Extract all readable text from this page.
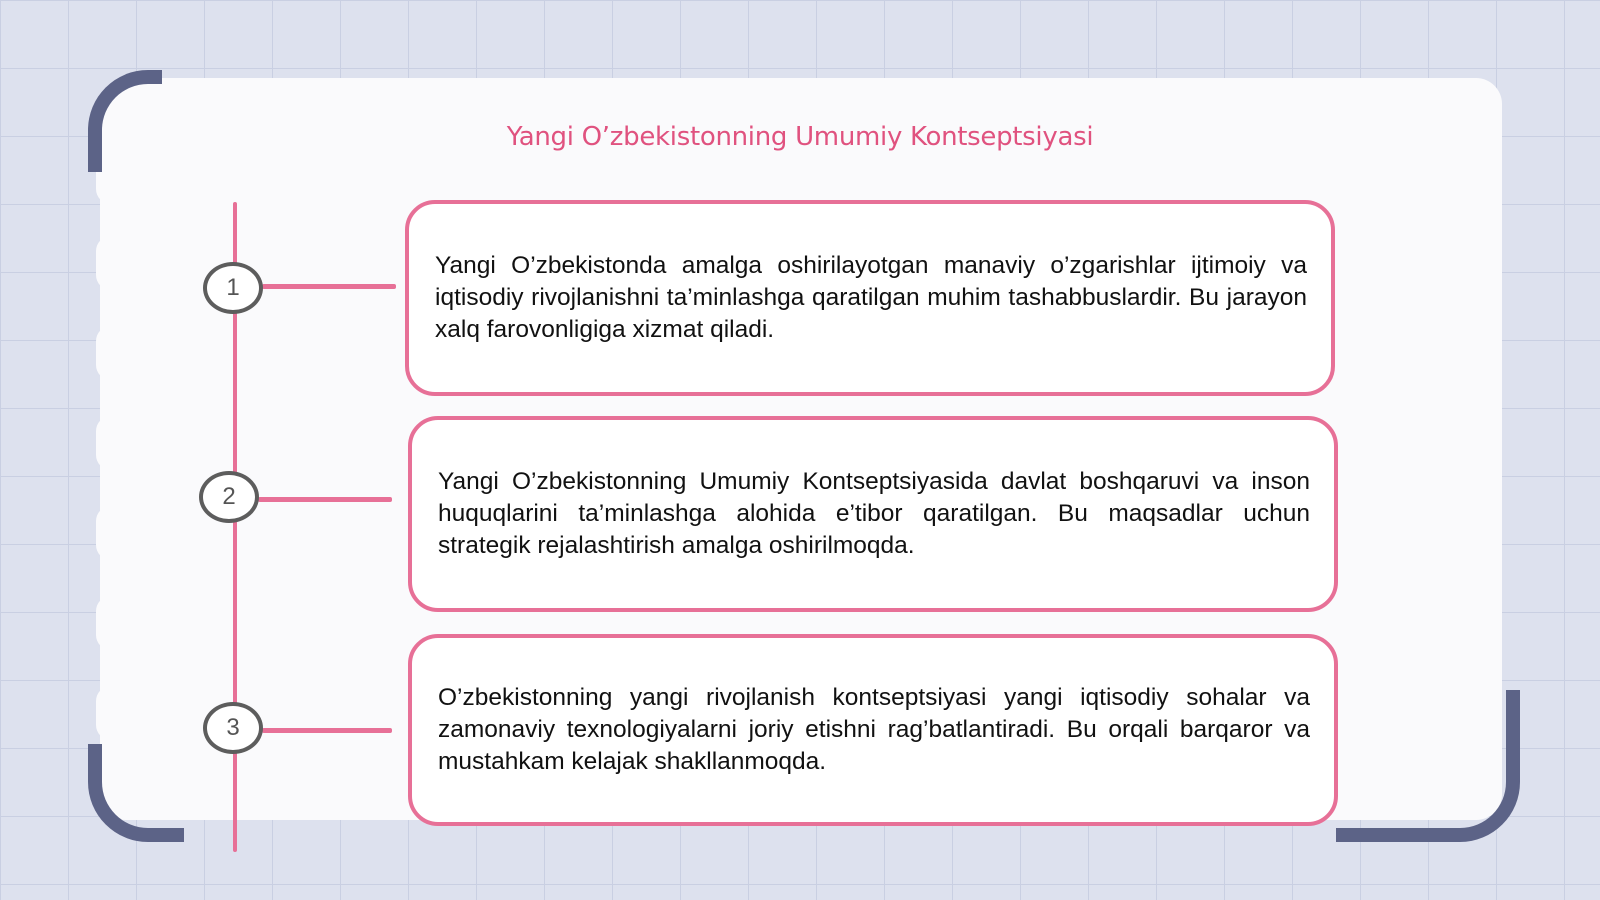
Yangi O’zbekistonning Umumiy Kontseptsiyasi
1

Yangi O’zbekistonda amalga oshirilayotgan manaviy o’zgarishlar ijtimoiy va iqtisodiy rivojlanishni ta’minlashga qaratilgan muhim tashabbuslardir. Bu jarayon xalq farovonligiga xizmat qiladi.

2

Yangi O’zbekistonning Umumiy Kontseptsiyasida davlat boshqaruvi va inson huquqlarini ta’minlashga alohida e’tibor qaratilgan. Bu maqsadlar uchun strategik rejalashtirish amalga oshirilmoqda.

3

O’zbekistonning yangi rivojlanish kontseptsiyasi yangi iqtisodiy sohalar va zamonaviy texnologiyalarni joriy etishni rag’batlantiradi. Bu orqali barqaror va mustahkam kelajak shakllanmoqda.
